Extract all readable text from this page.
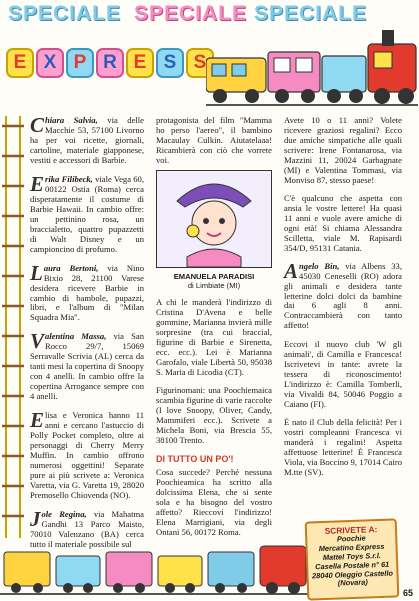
SPECIALE SPECIALE SPECIALE
E X P R E S S

Chiara Salvia, via delle Macchie 53, 57100 Livorno ha per voi ricette, giornali, cartoline, materiale giapponese, vestiti e accessori di Barbie.

Erika Filibeck, viale Vega 60, 00122 Ostia (Roma) cerca disperatamente il costume di Barbie Hawaii. In cambio offre: un pettinino rosa, un braccialetto, quattro pupazzetti di Walt Disney e un campioncino di profumo.

Laura Bertoni, via Nino Bixio 28, 21100 Varese desidera ricevere Barbie in cambio di bambole, pupazzi, libri, e l'album di "Milan Squadra Mia".

Valentina Massa, via San Rocco 29/7, 15069 Serravalle Scrivia (AL) cerca da tanti mesi la copertina di Snoopy con 4 anelli. In cambio offre la copertina Arrogance sempre con 4 anelli.

Elisa e Veronica hanno 11 anni e cercano l'astuccio di Polly Pocket completo, oltre ai personaggi di Cherry Merry Muffin. In cambio offrono numerosi oggettini! Separate pure ai più scrivete a: Veronica Varetta, via G. Varetta 19, 28020 Premosello Chiovenda (NO).

Jole Regina, via Mahatma Gandhi 13 Parco Maisto, 70010 Valenzano (BA) cerca tutto il materiale possibile sul

protagonista del film "Mamma ho perso l'aereo", il bambino Macaulay Culkin. Aiutatelaaa! Ricambierà con ciò che vorrete voi.

EMANUELA PARADISI
di Limbiate (MI)

A chi le manderà l'indirizzo di Cristina D'Avena e belle gommine, Marianna invierà mille sorpresine (tra cui braccial, figurine di Barbie e Sirenetta, ecc. ecc.). Lei è Marianna Garofalo, viale Libertà 50, 95038 S. Maria di Licodia (CT).

Figurinomani: una Poochiemaica scambia figurine di varie raccolte (I love Snoopy, Oliver, Candy, Mammiferi ecc.). Scrivete a Michela Boni, via Brescia 55, 38100 Trento.

DI TUTTO UN PO'!

Cosa succede? Perché nessuna Poochieamica ha scritto alla dolcissima Elena, che si sente sola e ha bisogno del vostro affetto? Rieccovi l'indirizzo! Elena Marrigiani, via degli Ontani 56, 00172 Roma.

Avete 10 o 11 anni? Volete ricevere graziosi regalini? Ecco due amiche simpatiche alle quali scrivere: Irene Fontanarosa, via Mazzini 11, 20024 Garbagnate (MI) e Valentina Tommasi, via Monviso 87, stesso paese!

C'è qualcuno che aspetta con ansia le vostre lettere! Ha quasi 11 anni e vuole avere amiche di ogni età! Si chiama Alessandra Scilletta, viale M. Rapisardi 354/D, 95131 Catania.

Angelo Bin, via Albens 33, 45030 Ceneselli (RO) adora gli animali e desidera tante letterine dolci dolci da bambine dai 6 agli 8 anni. Contraccambierà con tanto affetto!

Eccovi il nuovo club 'W gli animali', di Camilla e Francesca! Iscrivetevi in tante: avrete la tessera di riconoscimento! L'indirizzo è: Camilla Tomberli, via Vivaldi 84, 50046 Poggio a Caiano (FI).

È nato il Club della felicità! Per i vostri compleanni Francesca vi manderà i regalini! Aspetta affettuose letterine! È Francesca Viola, via Boccino 9, 17014 Cairo M.tte (SV).

SCRIVETE A:
Poochie
Mercatino Express
Mattel Toys S.r.l.
Casella Postale n° 61
28040 Oleggio Castello
(Novara)
65
